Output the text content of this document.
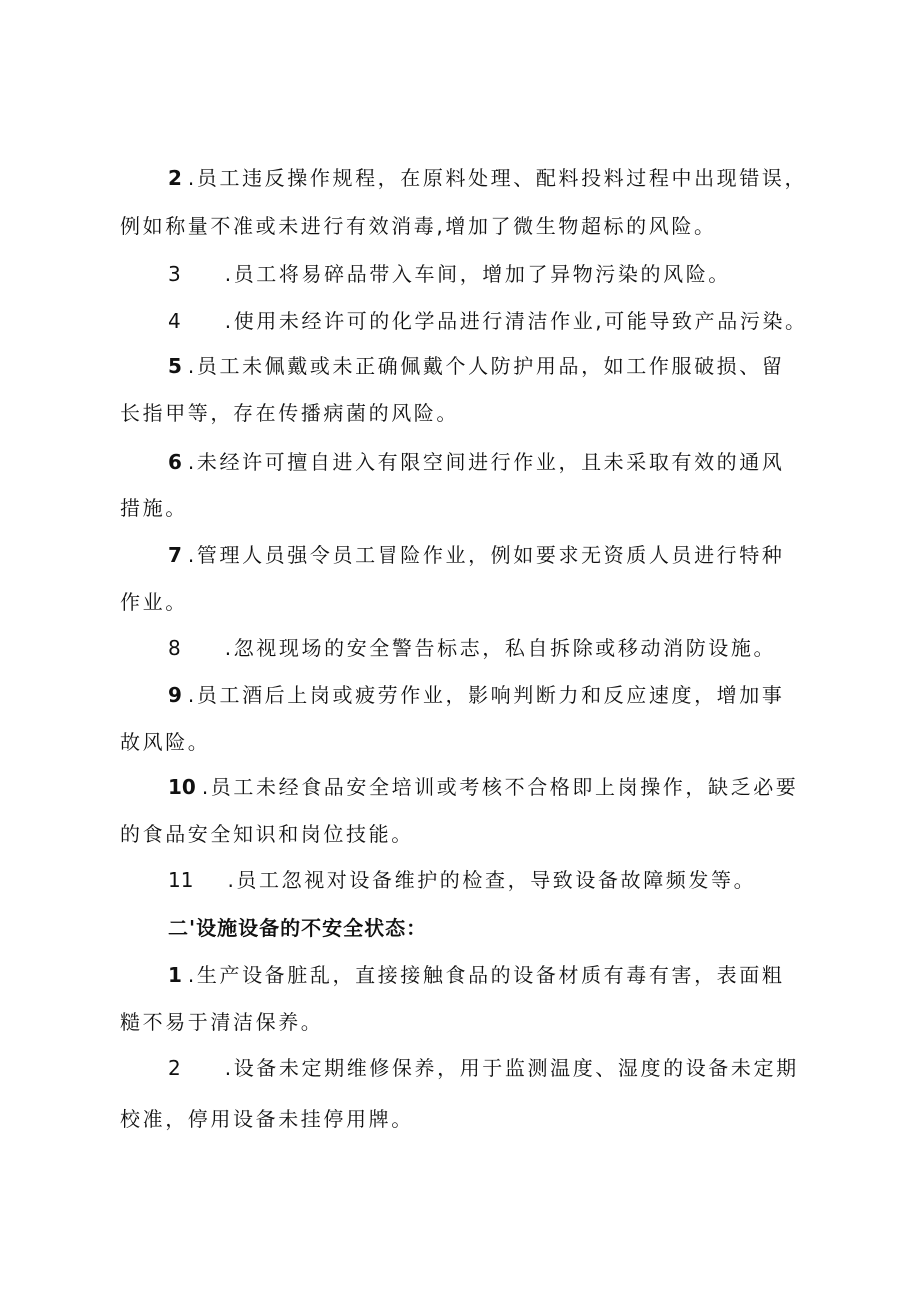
2 .员工违反操作规程，在原料处理、配料投料过程中出现错误，

例如称量不准或未进行有效消毒,增加了微生物超标的风险。

3 .员工将易碎品带入车间，增加了异物污染的风险。

4 .使用未经许可的化学品进行清洁作业,可能导致产品污染。

5 .员工未佩戴或未正确佩戴个人防护用品，如工作服破损、留

长指甲等，存在传播病菌的风险。

6 .未经许可擅自进入有限空间进行作业，且未采取有效的通风

措施。

7 .管理人员强令员工冒险作业，例如要求无资质人员进行特种

作业。

8 .忽视现场的安全警告标志，私自拆除或移动消防设施。

9 .员工酒后上岗或疲劳作业，影响判断力和反应速度，增加事

故风险。

10 .员工未经食品安全培训或考核不合格即上岗操作，缺乏必要

的食品安全知识和岗位技能。

11 .员工忽视对设备维护的检查，导致设备故障频发等。

二'设施设备的不安全状态：

1 .生产设备脏乱，直接接触食品的设备材质有毒有害，表面粗

糙不易于清洁保养。

2 .设备未定期维修保养，用于监测温度、湿度的设备未定期

校准，停用设备未挂停用牌。
